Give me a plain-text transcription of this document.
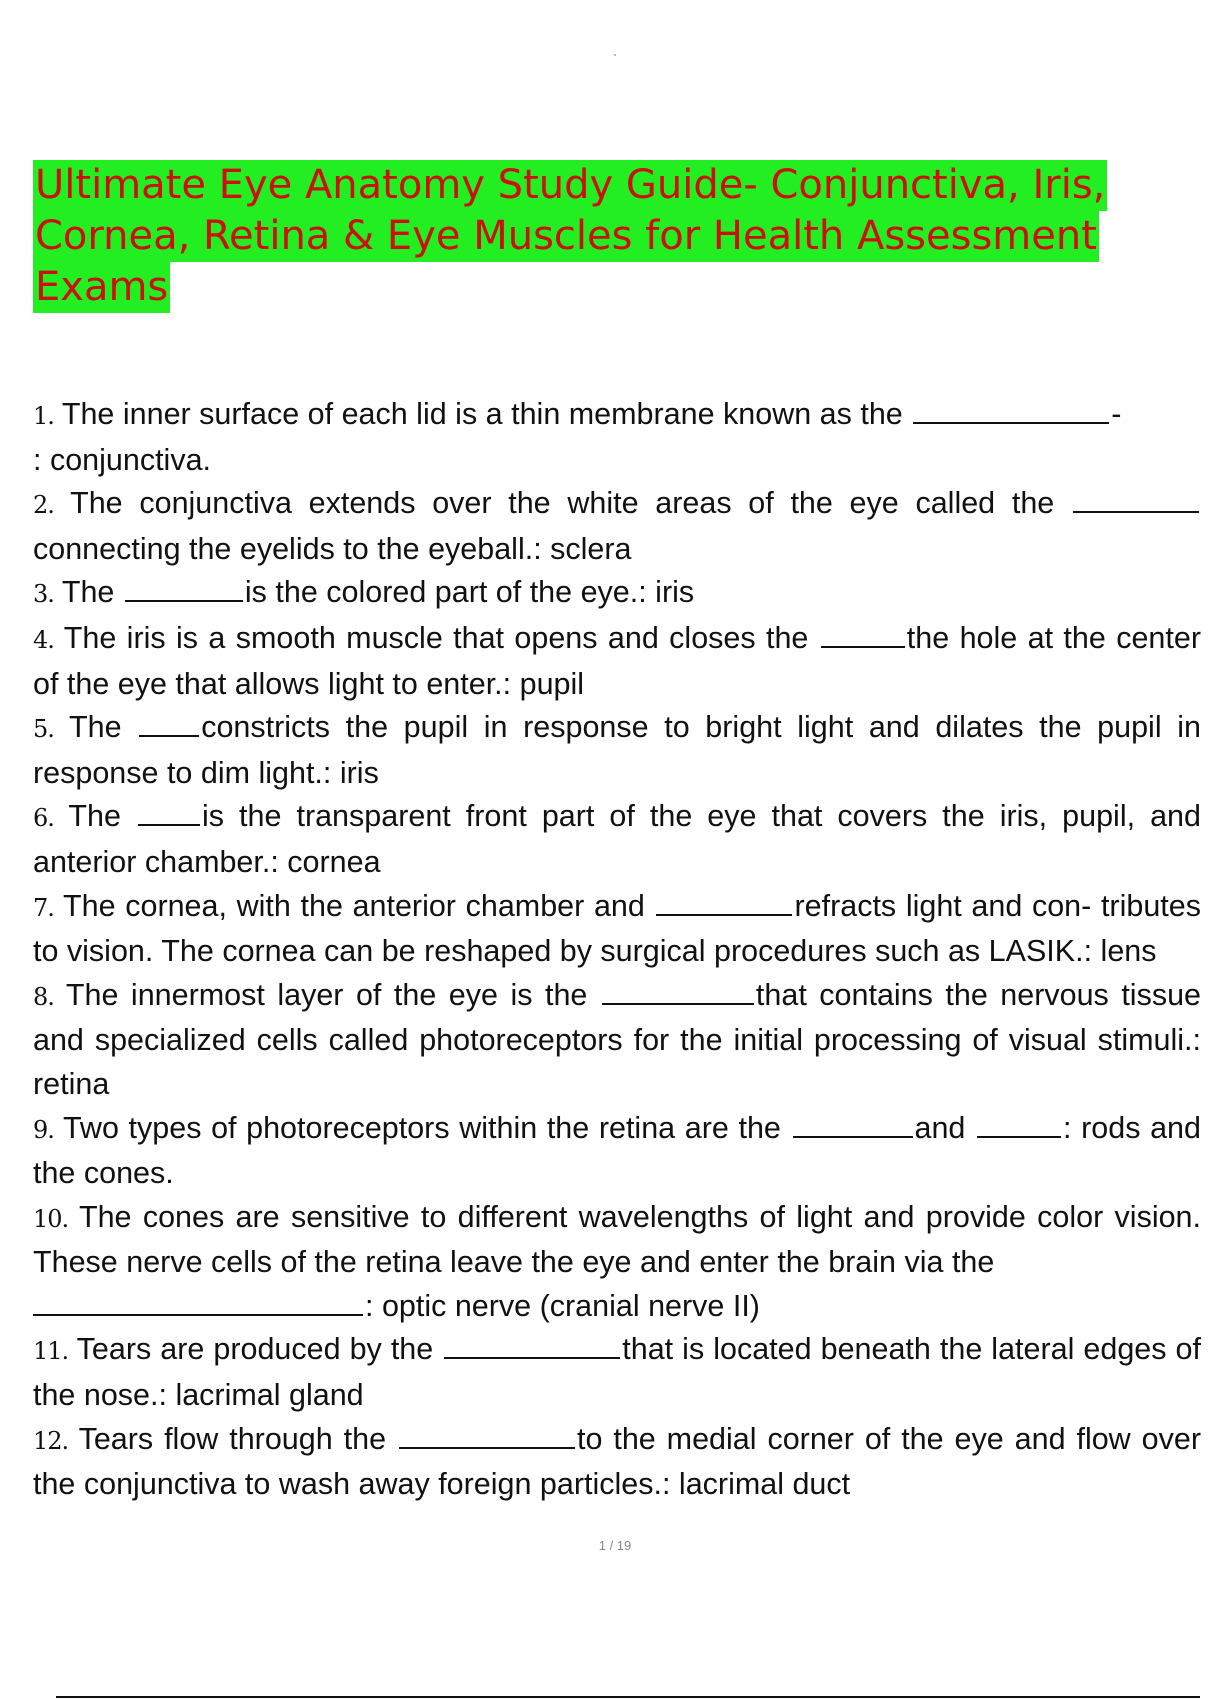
Ultimate Eye Anatomy Study Guide- Conjunctiva, Iris,
Cornea, Retina & Eye Muscles for Health Assessment
Exams

1. The inner surface of each lid is a thin membrane known as the	-
: conjunctiva.

2. The conjunctiva extends over the white areas of the eye called the  connecting the eyelids to the eyeball.: sclera

3. The	is the colored part of the eye.: iris

4. The iris is a smooth muscle that opens and closes the	the hole at the center of the eye that allows light to enter.: pupil

5. The	constricts the pupil in response to bright light and dilates the pupil in response to dim light.: iris

6. The	is the transparent front part of the eye that covers the iris, pupil, and anterior chamber.: cornea

7. The cornea, with the anterior chamber and	refracts light and con- tributes to vision. The cornea can be reshaped by surgical procedures such as LASIK.: lens

8. The innermost layer of the eye is the	that contains the nervous tissue and specialized cells called photoreceptors for the initial processing of visual stimuli.: retina

9. Two types of photoreceptors within the retina are the	and	: rods and the cones.

10. The cones are sensitive to different wavelengths of light and provide color vision. These nerve cells of the retina leave the eye and enter the brain via the
: optic nerve (cranial nerve II)

11. Tears are produced by the	that is located beneath the lateral edges of the nose.: lacrimal gland

12. Tears flow through the	to the medial corner of the eye and flow over the conjunctiva to wash away foreign particles.: lacrimal duct

1 / 19
